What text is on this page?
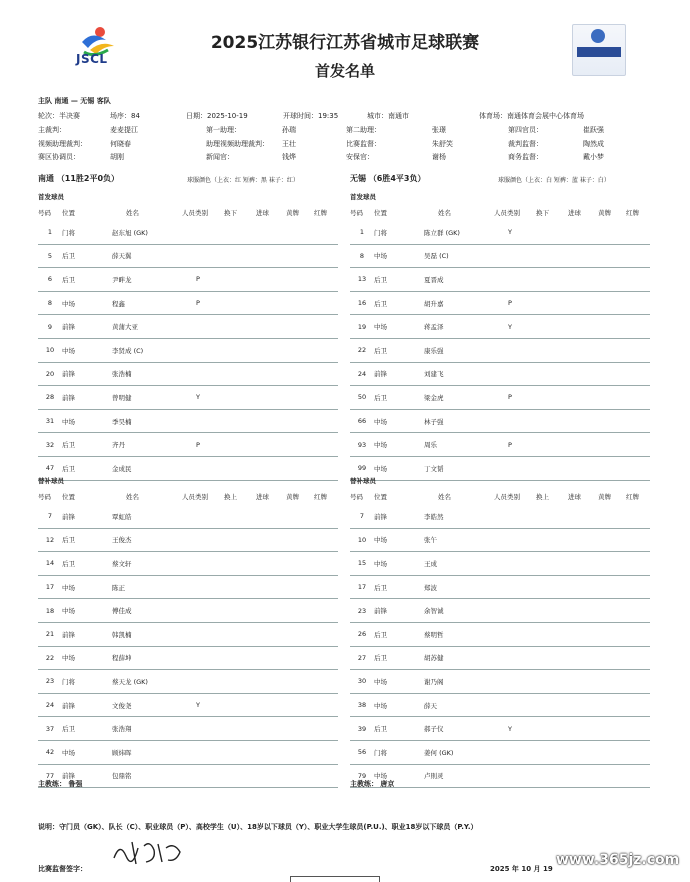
JSCL
2025江苏银行江苏省城市足球联赛
首发名单
主队 南通 — 无锡 客队
轮次：半决赛	场序：84	日期：2025-10-19	开球时间：19:35	城市：南通市	体育场：南通体育会展中心体育场
主裁判：	麦麦提江	第一助理：	孙瑞	第二助理：	张璟	第四官员：	崔跃强
视频助理裁判：	何晓春	助理视频助理裁判： 王壮	比赛监督：	朱舒笑	裁判监督：	陶然成
赛区协调员：	胡刚	新闻官：	钱烨	安保官：	谢杨	商务监督：	戴小梦
南通 （11胜2平0负）	球服颜色（上衣：红 短裤：黑 袜子：红）	无锡 （6胜4平3负）	球服颜色（上衣：白 短裤：蓝 袜子：白）
首发球员	首发球员
号码	位置	姓名	人员类别	换下	进球	黄牌	红牌
1	门将	赵东旭 (GK)					
5	后卫	薛天翼					
6	后卫	尹畔龙	P				
8	中场	程鑫	P				
9	前锋	黄蒲大亚					
10	中场	李贤成 (C)					
20	前锋	张浩楠					
28	前锋	曾明健	Y				
31	中场	季昊楠					
32	后卫	齐丹	P				
47	后卫	金成民					
号码	位置	姓名	人员类别	换下	进球	黄牌	红牌
1	门将	陈立群 (GK)	Y				
8	中场	吴磊 (C)					
13	后卫	夏晋成					
16	后卫	胡升嘉	P				
19	中场	蒋孟泽	Y				
22	后卫	康乐强					
24	前锋	刘建飞					
50	后卫	梁金虎	P				
66	中场	林子强					
93	中场	周乐	P				
99	中场	丁文韬					
替补球员	替补球员
号码	位置	姓名	人员类别	换上	进球	黄牌	红牌
7	前锋	覃虹皓					
12	后卫	王俊杰					
14	后卫	蔡文轩					
17	中场	陈正					
18	中场	傅佳成					
21	前锋	韩凯楠					
22	中场	程薛坤					
23	门将	蔡天龙 (GK)					
24	前锋	文俊尧	Y				
37	后卫	张浩翔					
42	中场	顾炜晖					
77	前锋	包鼎铭					
号码	位置	姓名	人员类别	换上	进球	黄牌	红牌
7	前锋	李皓然					
10	中场	张午					
15	中场	王成					
17	后卫	郑波					
23	前锋	余智诚					
26	后卫	蔡明哲					
27	后卫	胡苏健					
30	中场	谢乃阁					
38	中场	薛天					
39	后卫	郝子仪	Y				
56	门将	姜何 (GK)					
79	中场	卢則灵					
主教练： 鲁强	主教练： 唐京
说明：守门员（GK）、队长（C）、职业球员（P）、高校学生（U）、18岁以下球员（Y）、职业大学生球员(P.U.)、职业18岁以下球员（P.Y.）
比赛监督签字：	2025 年 10 月 19
www.365jz.com
